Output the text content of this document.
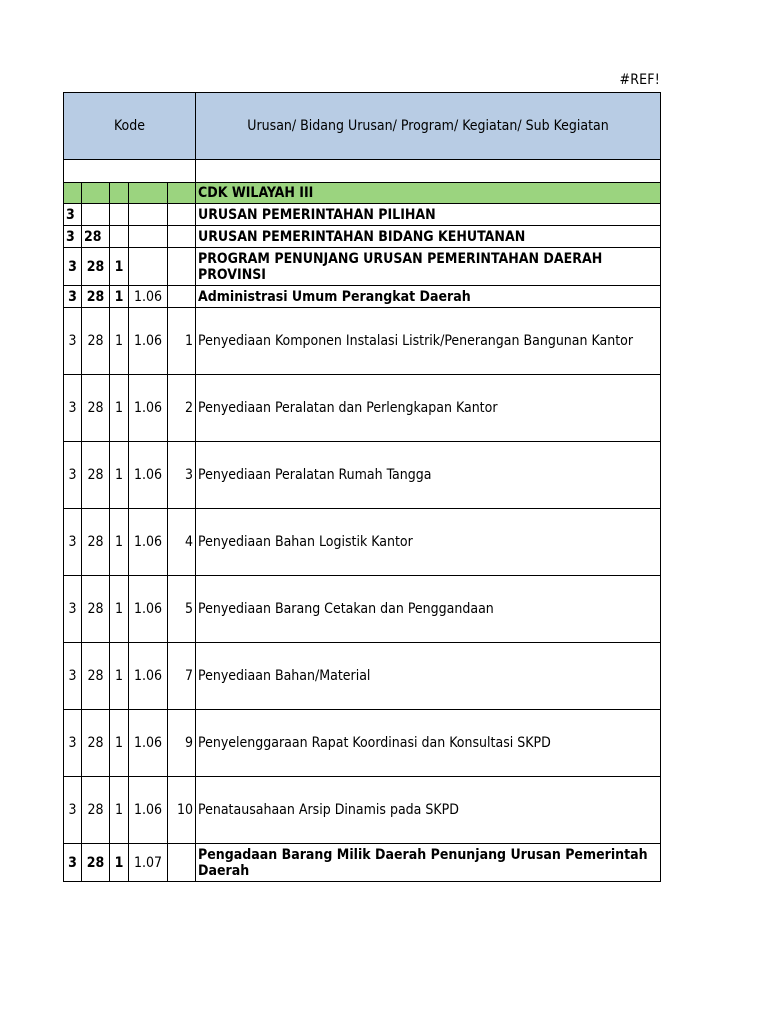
#REF!
Kode					Urusan/ Bidang Urusan/ Program/ Kegiatan/ Sub Kegiatan

					CDK WILAYAH III
3					URUSAN PEMERINTAHAN PILIHAN
3	28				URUSAN PEMERINTAHAN BIDANG KEHUTANAN
3	28	1			PROGRAM PENUNJANG URUSAN PEMERINTAHAN DAERAH PROVINSI
3	28	1	1.06		Administrasi Umum Perangkat Daerah
3	28	1	1.06	1	Penyediaan Komponen Instalasi Listrik/Penerangan Bangunan Kantor
3	28	1	1.06	2	Penyediaan Peralatan dan Perlengkapan Kantor
3	28	1	1.06	3	Penyediaan Peralatan Rumah Tangga
3	28	1	1.06	4	Penyediaan Bahan Logistik Kantor
3	28	1	1.06	5	Penyediaan Barang Cetakan dan Penggandaan
3	28	1	1.06	7	Penyediaan Bahan/Material
3	28	1	1.06	9	Penyelenggaraan Rapat Koordinasi dan Konsultasi SKPD
3	28	1	1.06	10	Penatausahaan Arsip Dinamis pada SKPD
3	28	1	1.07		Pengadaan Barang Milik Daerah Penunjang Urusan Pemerintah Daerah
